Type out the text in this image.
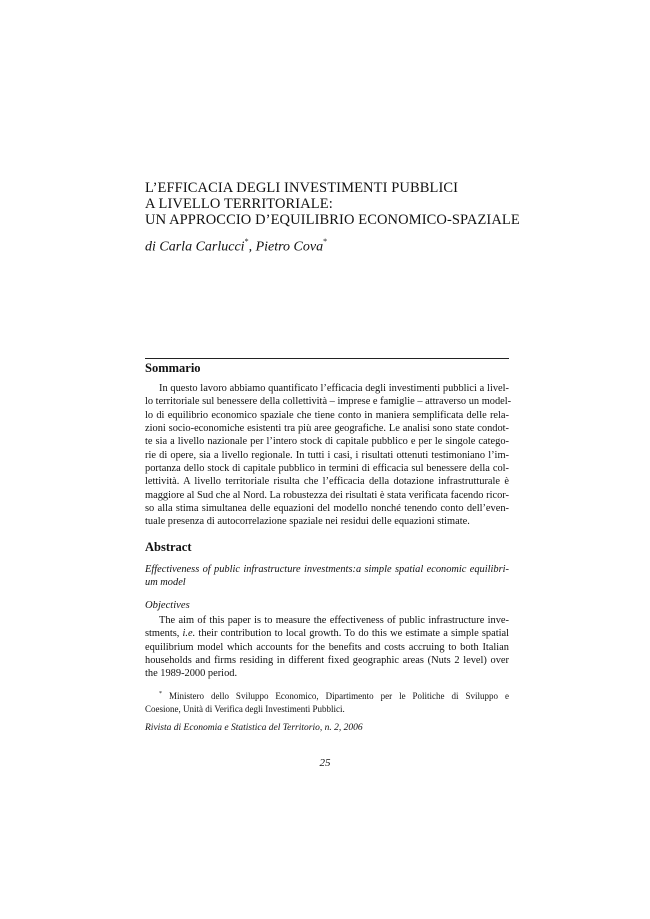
L’EFFICACIA DEGLI INVESTIMENTI PUBBLICI
A LIVELLO TERRITORIALE:
UN APPROCCIO D’EQUILIBRIO ECONOMICO-SPAZIALE
di Carla Carlucci*, Pietro Cova*
Sommario
In questo lavoro abbiamo quantificato l’efficacia degli investimenti pubblici a livel-
lo territoriale sul benessere della collettività – imprese e famiglie – attraverso un model-
lo di equilibrio economico spaziale che tiene conto in maniera semplificata delle rela-
zioni socio-economiche esistenti tra più aree geografiche. Le analisi sono state condot-
te sia a livello nazionale per l’intero stock di capitale pubblico e per le singole catego-
rie di opere, sia a livello regionale. In tutti i casi, i risultati ottenuti testimoniano l’im-
portanza dello stock di capitale pubblico in termini di efficacia sul benessere della col-
lettività. A livello territoriale risulta che l’efficacia della dotazione infrastrutturale è
maggiore al Sud che al Nord. La robustezza dei risultati è stata verificata facendo ricor-
so alla stima simultanea delle equazioni del modello nonché tenendo conto dell’even-
tuale presenza di autocorrelazione spaziale nei residui delle equazioni stimate.
Abstract
Effectiveness of public infrastructure investments:a simple spatial economic equilibri-
um model
Objectives
The aim of this paper is to measure the effectiveness of public infrastructure inve-
stments, i.e. their contribution to local growth. To do this we estimate a simple spatial
equilibrium model which accounts for the benefits and costs accruing to both Italian
households and firms residing in different fixed geographic areas (Nuts 2 level) over
the 1989-2000 period.
* Ministero dello Sviluppo Economico, Dipartimento per le Politiche di Sviluppo e
Coesione, Unità di Verifica degli Investimenti Pubblici.
Rivista di Economia e Statistica del Territorio, n. 2, 2006
25
